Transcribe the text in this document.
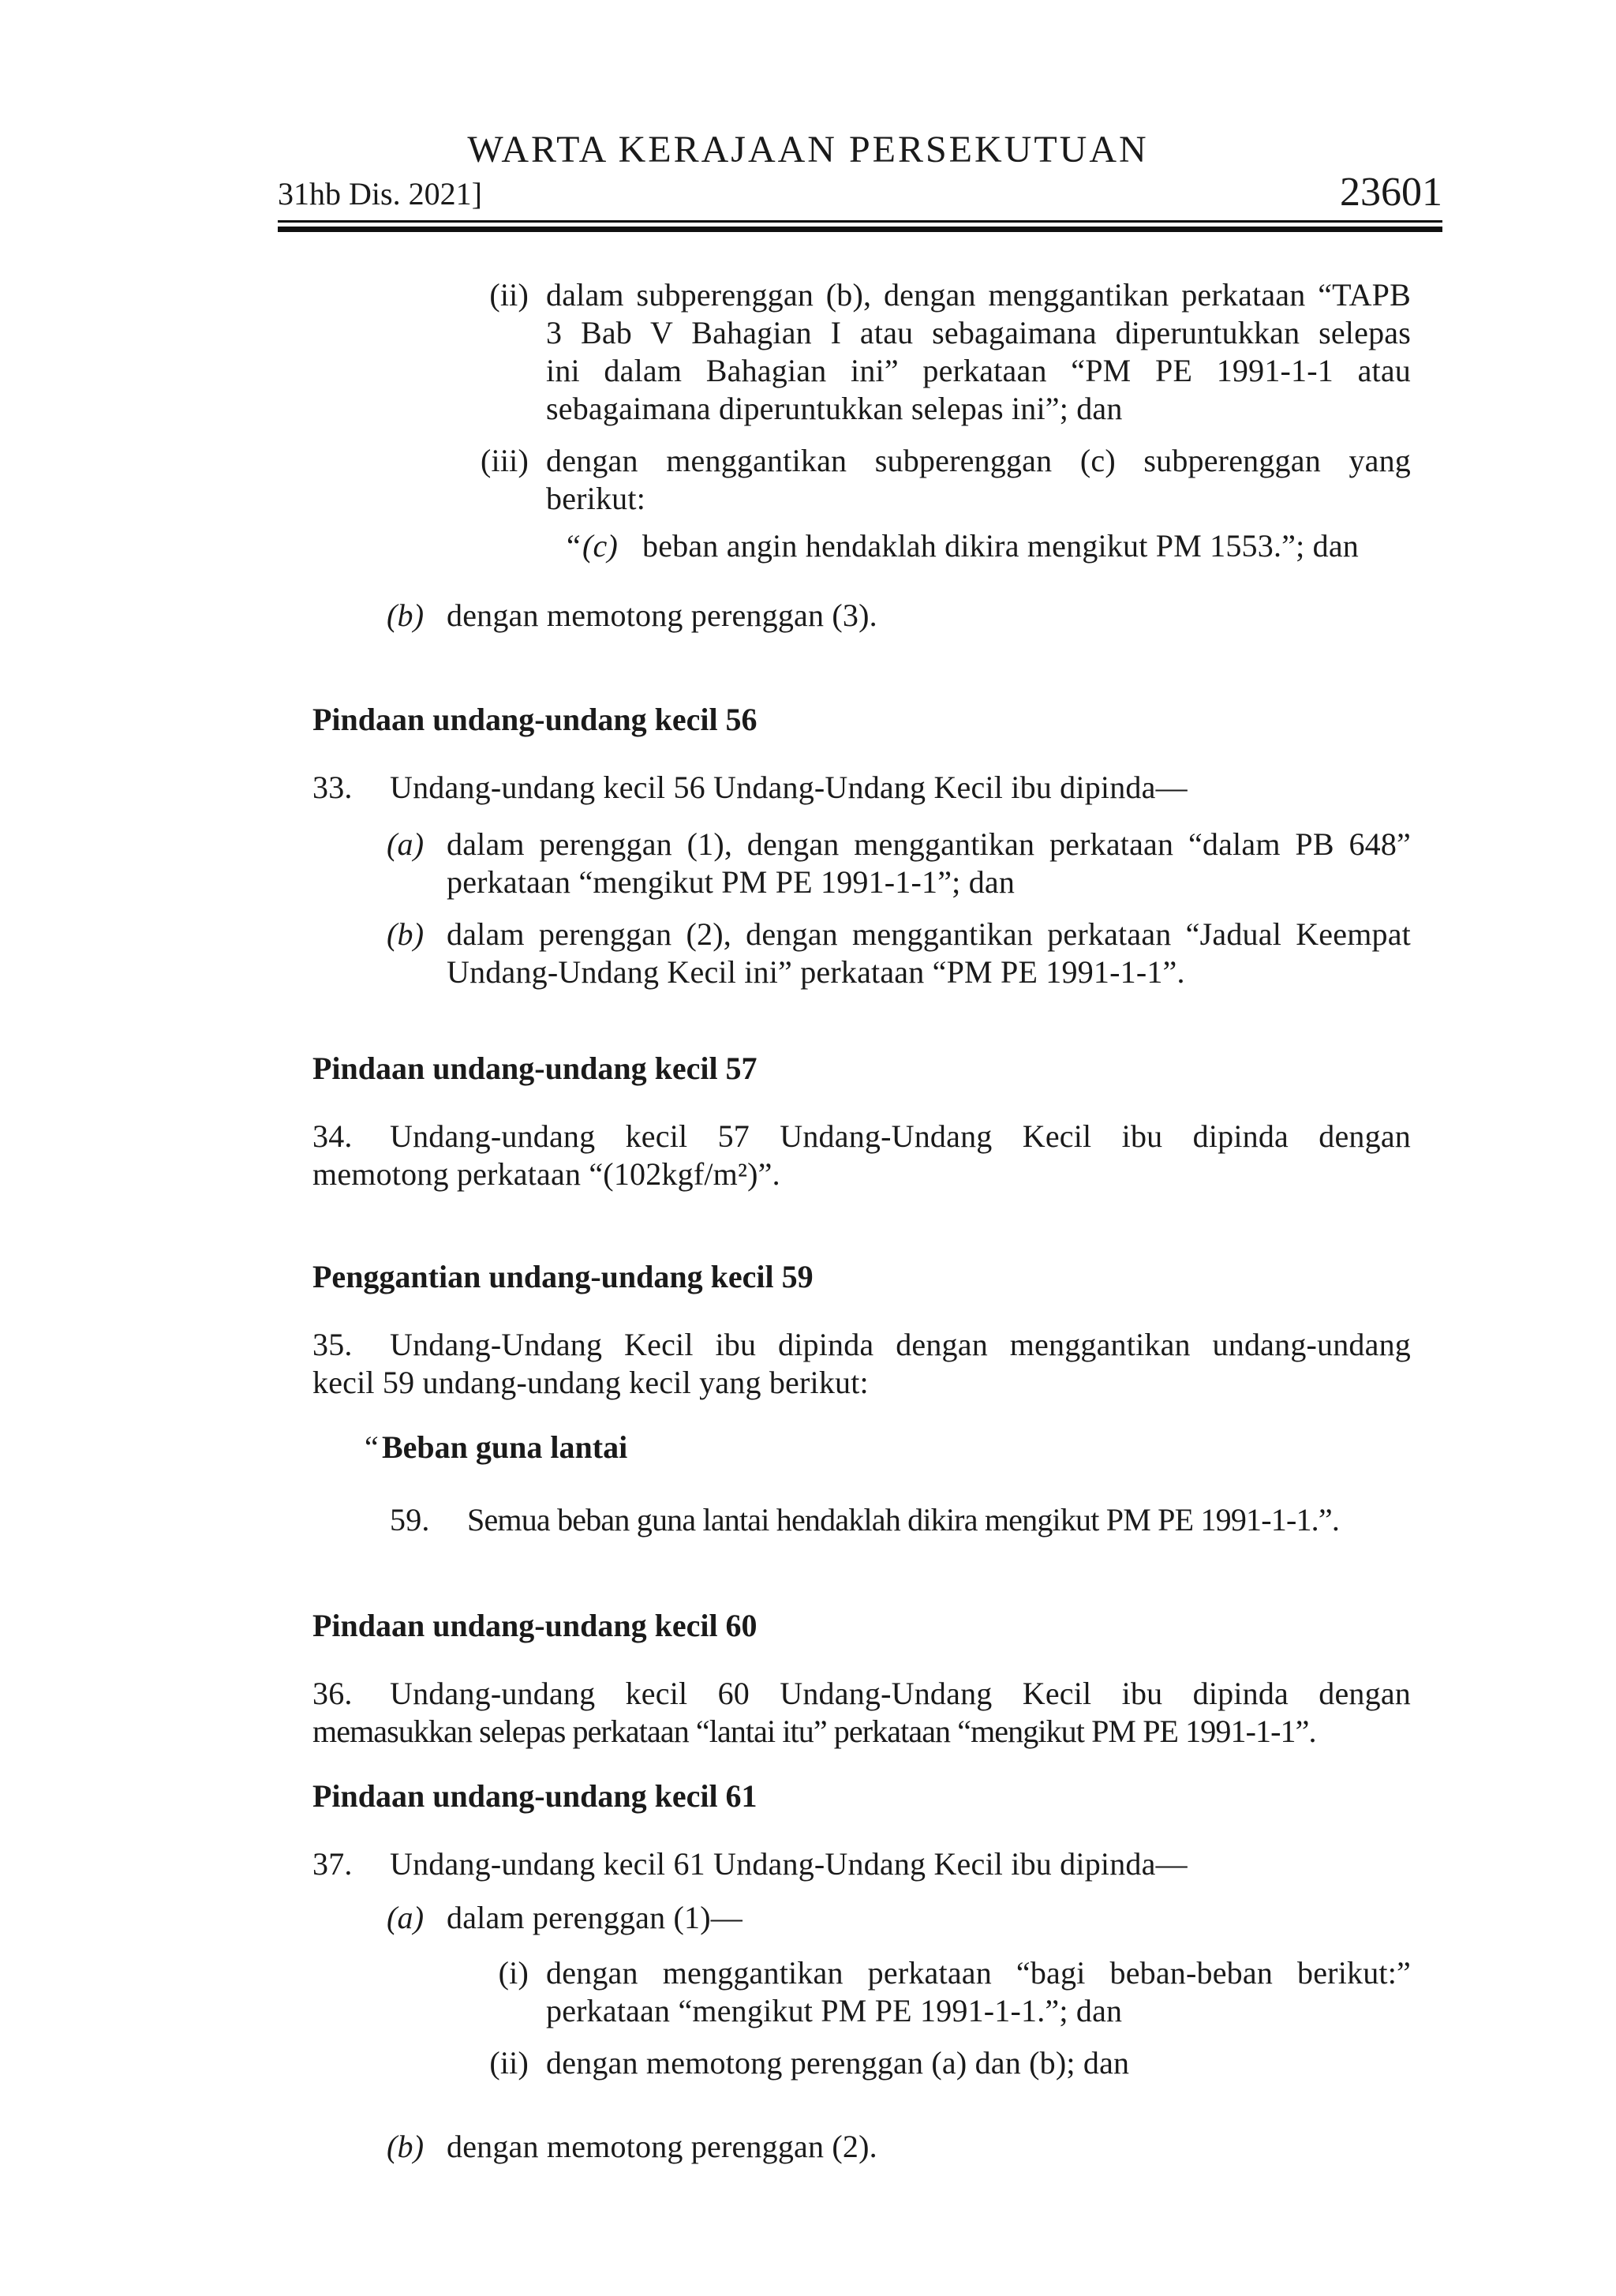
WARTA KERAJAAN PERSEKUTUAN
31hb Dis. 2021]	23601
(ii) dalam subperenggan (b), dengan menggantikan perkataan “TAPB
3 Bab V Bahagian I atau sebagaimana diperuntukkan selepas
ini dalam Bahagian ini” perkataan “PM PE 1991-1-1 atau
sebagaimana diperuntukkan selepas ini”; dan
(iii) dengan menggantikan subperenggan (c) subperenggan yang
berikut:
“ (c) beban angin hendaklah dikira mengikut PM 1553.”; dan
(b) dengan memotong perenggan (3).
Pindaan undang-undang kecil 56
33. Undang-undang kecil 56 Undang-Undang Kecil ibu dipinda—
(a) dalam perenggan (1), dengan menggantikan perkataan “dalam PB 648”
perkataan “mengikut PM PE 1991-1-1”; dan
(b) dalam perenggan (2), dengan menggantikan perkataan “Jadual Keempat
Undang-Undang Kecil ini” perkataan “PM PE 1991-1-1”.
Pindaan undang-undang kecil 57
34. Undang-undang kecil 57 Undang-Undang Kecil ibu dipinda dengan
memotong perkataan “(102kgf/m²)”.
Penggantian undang-undang kecil 59
35. Undang-Undang Kecil ibu dipinda dengan menggantikan undang-undang
kecil 59 undang-undang kecil yang berikut:
“ Beban guna lantai
59. Semua beban guna lantai hendaklah dikira mengikut PM PE 1991-1-1.”.
Pindaan undang-undang kecil 60
36. Undang-undang kecil 60 Undang-Undang Kecil ibu dipinda dengan
memasukkan selepas perkataan “lantai itu” perkataan “mengikut PM PE 1991-1-1”.
Pindaan undang-undang kecil 61
37. Undang-undang kecil 61 Undang-Undang Kecil ibu dipinda—
(a) dalam perenggan (1)—
(i) dengan menggantikan perkataan “bagi beban-beban berikut:”
perkataan “mengikut PM PE 1991-1-1.”; dan
(ii) dengan memotong perenggan (a) dan (b); dan
(b) dengan memotong perenggan (2).
